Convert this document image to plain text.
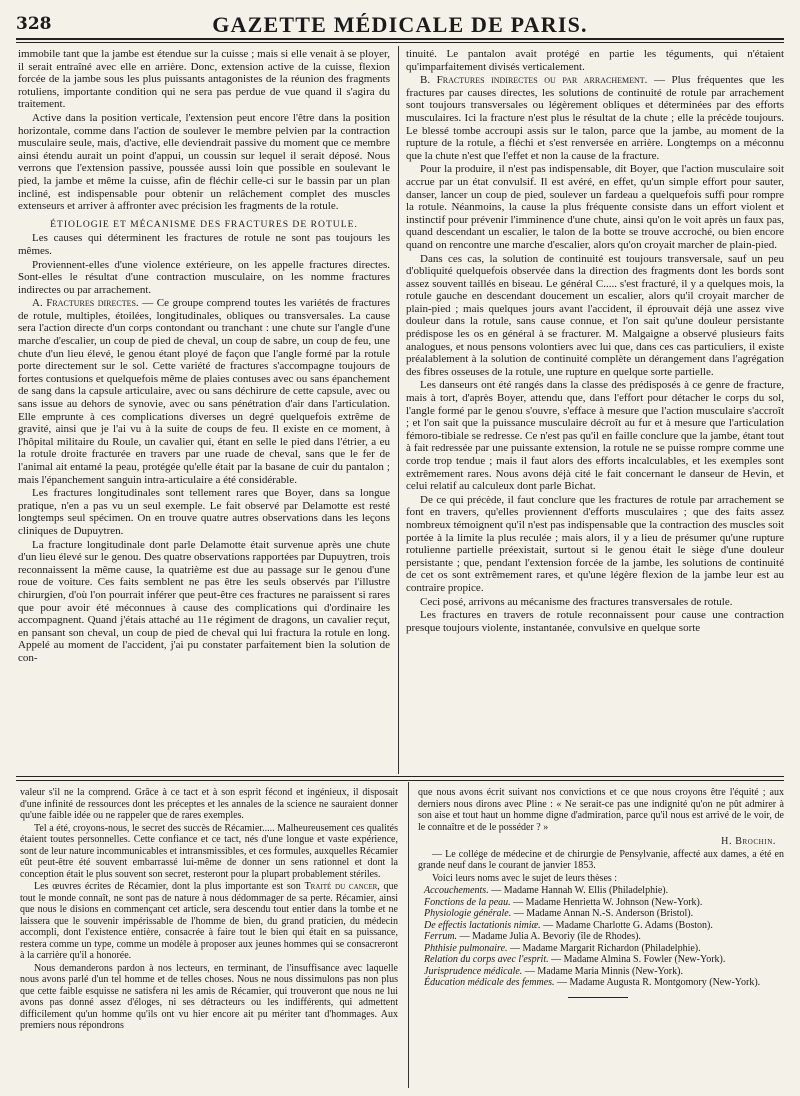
328	GAZETTE MÉDICALE DE PARIS.

immobile tant que la jambe est étendue sur la cuisse ; mais si elle venait à se ployer, il serait entraîné avec elle en arrière. Donc, extension active de la cuisse, flexion forcée de la jambe sous les plus puissants antagonistes de la réunion des fragments rotuliens, importante condition qui ne sera pas perdue de vue quand il s'agira du traitement.

Active dans la position verticale, l'extension peut encore l'être dans la position horizontale, comme dans l'action de soulever le membre pelvien par la contraction musculaire seule, mais, d'active, elle deviendrait passive du moment que ce membre ainsi étendu aurait un point d'appui, un coussin sur lequel il serait déposé. Nous verrons que l'extension passive, poussée aussi loin que possible en soulevant le pied, la jambe et même la cuisse, afin de fléchir celle-ci sur le bassin par un plan incliné, est indispensable pour obtenir un relâchement complet des muscles extenseurs et arriver à affronter avec précision les fragments de la rotule.

ÉTIOLOGIE ET MÉCANISME DES FRACTURES DE ROTULE.

Les causes qui déterminent les fractures de rotule ne sont pas toujours les mêmes.

Proviennent-elles d'une violence extérieure, on les appelle fractures directes. Sont-elles le résultat d'une contraction musculaire, on les nomme fractures indirectes ou par arrachement.

A. Fractures directes. — Ce groupe comprend toutes les variétés de fractures de rotule, multiples, étoilées, longitudinales, obliques ou transversales. La cause sera l'action directe d'un corps contondant ou tranchant : une chute sur l'angle d'une marche d'escalier, un coup de pied de cheval, un coup de sabre, un coup de feu, une chute d'un lieu élevé, le genou étant ployé de façon que l'angle formé par la rotule porte directement sur le sol. Cette variété de fractures s'accompagne toujours de fortes contusions et quelquefois même de plaies contuses avec ou sans épanchement de sang dans la capsule articulaire, avec ou sans déchirure de cette capsule, avec ou sans issue au dehors de synovie, avec ou sans pénétration d'air dans l'articulation. Elle emprunte à ces complications diverses un degré quelquefois extrême de gravité, ainsi que je l'ai vu à la suite de coups de feu. Il existe en ce moment, à l'hôpital militaire du Roule, un cavalier qui, étant en selle le pied dans l'étrier, a eu la rotule droite fracturée en travers par une ruade de cheval, sans que le fer de l'animal ait entamé la peau, protégée qu'elle était par la basane de cuir du pantalon ; mais l'épanchement sanguin intra-articulaire a été considérable.

Les fractures longitudinales sont tellement rares que Boyer, dans sa longue pratique, n'en a pas vu un seul exemple. Le fait observé par Delamotte est resté longtemps seul spécimen. On en trouve quatre autres observations dans les leçons cliniques de Dupuytren.

La fracture longitudinale dont parle Delamotte était survenue après une chute d'un lieu élevé sur le genou. Des quatre observations rapportées par Dupuytren, trois reconnaissent la même cause, la quatrième est due au passage sur le genou d'une roue de voiture. Ces faits semblent ne pas être les seuls observés par l'illustre chirurgien, d'où l'on pourrait inférer que peut-être ces fractures ne paraissent si rares que pour avoir été méconnues à cause des complications qui d'ordinaire les accompagnent. Quand j'étais attaché au 11e régiment de dragons, un cavalier reçut, en pansant son cheval, un coup de pied de cheval qui lui fractura la rotule en long. Appelé au moment de l'accident, j'ai pu constater parfaitement bien la solution de con-

tinuité. Le pantalon avait protégé en partie les téguments, qui n'étaient qu'imparfaitement divisés verticalement.

B. Fractures indirectes ou par arrachement. — Plus fréquentes que les fractures par causes directes, les solutions de continuité de rotule par arrachement sont toujours transversales ou légèrement obliques et déterminées par des efforts musculaires. Ici la fracture n'est plus le résultat de la chute ; elle la précède toujours. Le blessé tombe accroupi assis sur le talon, parce que la jambe, au moment de la rupture de la rotule, a fléchi et s'est renversée en arrière. Longtemps on a méconnu que la chute n'est que l'effet et non la cause de la fracture.

Pour la produire, il n'est pas indispensable, dit Boyer, que l'action musculaire soit accrue par un état convulsif. Il est avéré, en effet, qu'un simple effort pour sauter, danser, lancer un coup de pied, soulever un fardeau a quelquefois suffi pour rompre la rotule. Néanmoins, la cause la plus fréquente consiste dans un effort violent et instinctif pour prévenir l'imminence d'une chute, ainsi qu'on le voit après un faux pas, quand descendant un escalier, le talon de la botte se trouve accroché, ou bien encore quand on rencontre une marche d'escalier, alors qu'on croyait marcher de plain-pied.

Dans ces cas, la solution de continuité est toujours transversale, sauf un peu d'obliquité quelquefois observée dans la direction des fragments dont les bords sont assez souvent taillés en biseau. Le général C..... s'est fracturé, il y a quelques mois, la rotule gauche en descendant doucement un escalier, alors qu'il croyait marcher de plain-pied ; mais quelques jours avant l'accident, il éprouvait déjà une assez vive douleur dans la rotule, sans cause connue, et l'on sait qu'une douleur persistante prédispose les os en général à se fracturer. M. Malgaigne a observé plusieurs faits analogues, et nous pensons volontiers avec lui que, dans ces cas particuliers, il existe préalablement à la solution de continuité complète un dérangement dans l'agrégation des fibres osseuses de la rotule, une rupture en quelque sorte partielle.

Les danseurs ont été rangés dans la classe des prédisposés à ce genre de fracture, mais à tort, d'après Boyer, attendu que, dans l'effort pour détacher le corps du sol, l'angle formé par le genou s'ouvre, s'efface à mesure que l'action musculaire s'accroît ; et l'on sait que la puissance musculaire décroît au fur et à mesure que l'articulation fémoro-tibiale se redresse. Ce n'est pas qu'il en faille conclure que la jambe, étant tout à fait redressée par une puissante extension, la rotule ne se puisse rompre comme une corde trop tendue ; mais il faut alors des efforts incalculables, et les exemples sont extrêmement rares. Nous avons déjà cité le fait concernant le danseur de Hevin, et celui relatif au calculeux dont parle Bichat.

De ce qui précède, il faut conclure que les fractures de rotule par arrachement se font en travers, qu'elles proviennent d'efforts musculaires ; que des faits assez nombreux témoignent qu'il n'est pas indispensable que la contraction des muscles soit portée à la limite la plus reculée ; mais alors, il y a lieu de présumer qu'une rupture rotulienne partielle préexistait, surtout si le genou était le siège d'une douleur persistante ; que, pendant l'extension forcée de la jambe, les solutions de continuité de cet os sont extrêmement rares, et qu'une légère flexion de la jambe leur est au contraire propice.

Ceci posé, arrivons au mécanisme des fractures transversales de rotule.

Les fractures en travers de rotule reconnaissent pour cause une contraction presque toujours violente, instantanée, convulsive en quelque sorte

valeur s'il ne la comprend. Grâce à ce tact et à son esprit fécond et ingénieux, il disposait d'une infinité de ressources dont les préceptes et les annales de la science ne sauraient donner qu'une faible idée ou ne rappeler que de rares exemples.

Tel a été, croyons-nous, le secret des succès de Récamier..... Malheureusement ces qualités étaient toutes personnelles. Cette confiance et ce tact, nés d'une longue et vaste expérience, sont de leur nature incommunicables et intransmissibles, et ces formules, auxquelles Récamier eût peut-être été souvent embarrassé lui-même de donner un sens rationnel et dont la conception était le plus souvent son secret, resteront pour la plupart probablement stériles.

Les œuvres écrites de Récamier, dont la plus importante est son Traité du cancer, que tout le monde connaît, ne sont pas de nature à nous dédommager de sa perte. Récamier, ainsi que nous le disions en commençant cet article, sera descendu tout entier dans la tombe et ne laissera que le souvenir impérissable de l'homme de bien, du grand praticien, du médecin accompli, dont l'existence entière, consacrée à faire tout le bien qui était en sa puissance, restera comme un type, comme un modèle à proposer aux jeunes hommes qui se consacreront à la carrière qu'il a honorée.

Nous demanderons pardon à nos lecteurs, en terminant, de l'insuffisance avec laquelle nous avons parlé d'un tel homme et de telles choses. Nous ne nous dissimulons pas non plus que cette faible esquisse ne satisfera ni les amis de Récamier, qui trouveront que nous ne lui avons pas donné assez d'éloges, ni ses détracteurs ou les indifférents, qui admettent difficilement qu'un homme qu'ils ont vu hier encore ait pu mériter tant d'hommages. Aux premiers nous répondrons

que nous avons écrit suivant nos convictions et ce que nous croyons être l'équité ; aux derniers nous dirons avec Pline : « Ne serait-ce pas une indignité qu'on ne pût admirer à son aise et tout haut un homme digne d'admiration, parce qu'il nous est arrivé de le voir, de le connaître et de le posséder ? »

H. Brochin.

— Le collége de médecine et de chirurgie de Pensylvanie, affecté aux dames, a été en grande neuf dans le courant de janvier 1853.

Voici leurs noms avec le sujet de leurs thèses :

Accouchements. — Madame Hannah W. Ellis (Philadelphie).
Fonctions de la peau. — Madame Henrietta W. Johnson (New-York).
Physiologie générale. — Madame Annan N.-S. Anderson (Bristol).
De effectis lactationis nimiæ. — Madame Charlotte G. Adams (Boston).
Ferrum. — Madame Julia A. Bevoriy (île de Rhodes).
Phthisie pulmonaire. — Madame Margarit Richardon (Philadelphie).
Relation du corps avec l'esprit. — Madame Almina S. Fowler (New-York).
Jurisprudence médicale. — Madame Maria Minnis (New-York).
Éducation médicale des femmes. — Madame Augusta R. Montgomory (New-York).
